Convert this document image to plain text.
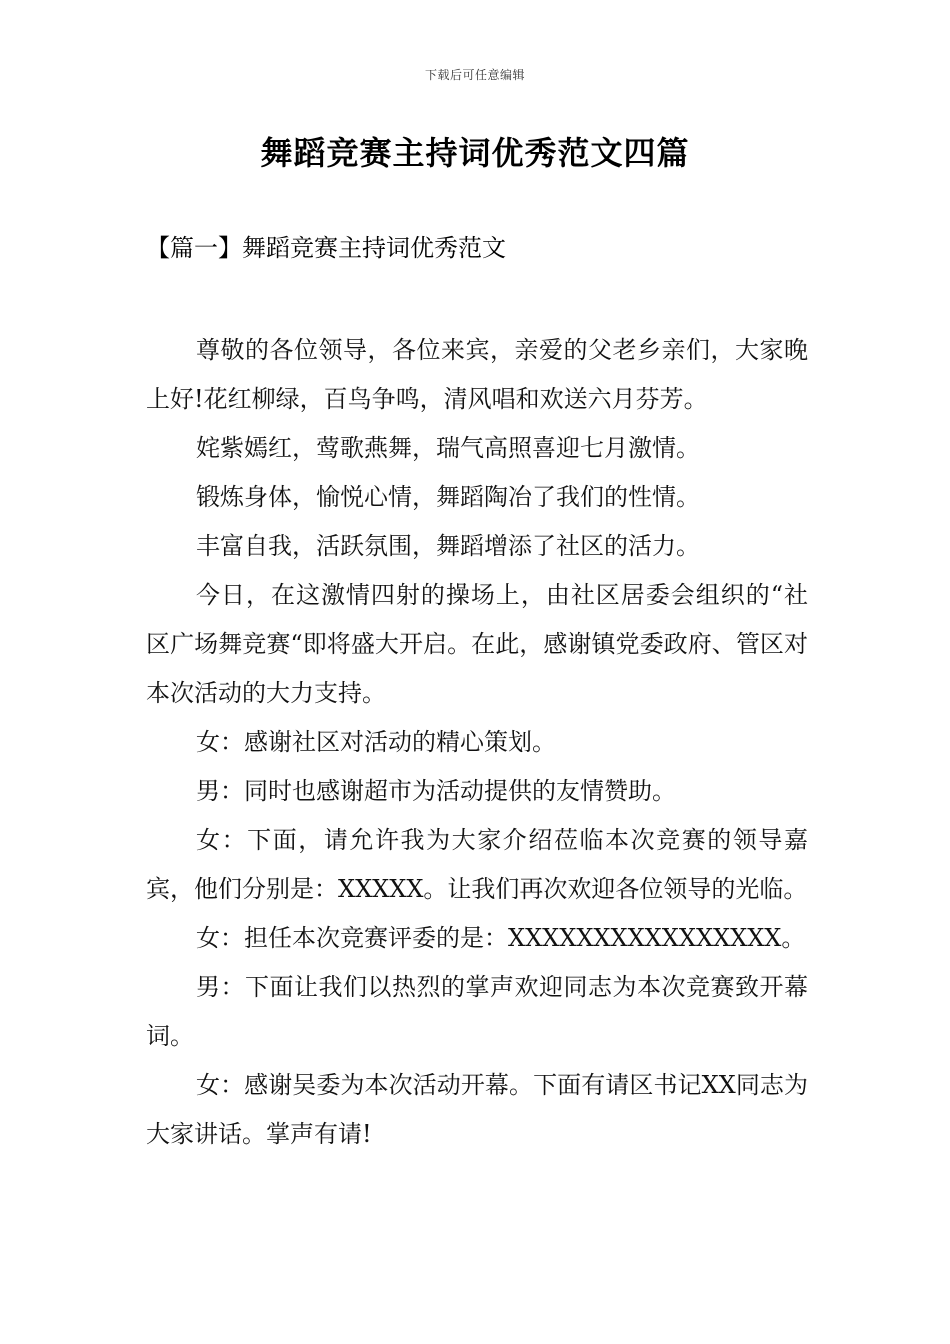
下载后可任意编辑
舞蹈竞赛主持词优秀范文四篇
【篇一】舞蹈竞赛主持词优秀范文

尊敬的各位领导，各位来宾，亲爱的父老乡亲们，大家晚上好!花红柳绿，百鸟争鸣，清风唱和欢送六月芬芳。

姹紫嫣红，莺歌燕舞，瑞气高照喜迎七月激情。

锻炼身体，愉悦心情，舞蹈陶冶了我们的性情。

丰富自我，活跃氛围，舞蹈增添了社区的活力。

今日，在这激情四射的操场上，由社区居委会组织的“社区广场舞竞赛“即将盛大开启。在此，感谢镇党委政府、管区对本次活动的大力支持。

女：感谢社区对活动的精心策划。

男：同时也感谢超市为活动提供的友情赞助。

女：下面，请允许我为大家介绍莅临本次竞赛的领导嘉宾，他们分别是：XXXXX。让我们再次欢迎各位领导的光临。

女：担任本次竞赛评委的是：XXXXXXXXXXXXXXXX。

男：下面让我们以热烈的掌声欢迎同志为本次竞赛致开幕词。

女：感谢吴委为本次活动开幕。下面有请区书记XX同志为大家讲话。掌声有请!
